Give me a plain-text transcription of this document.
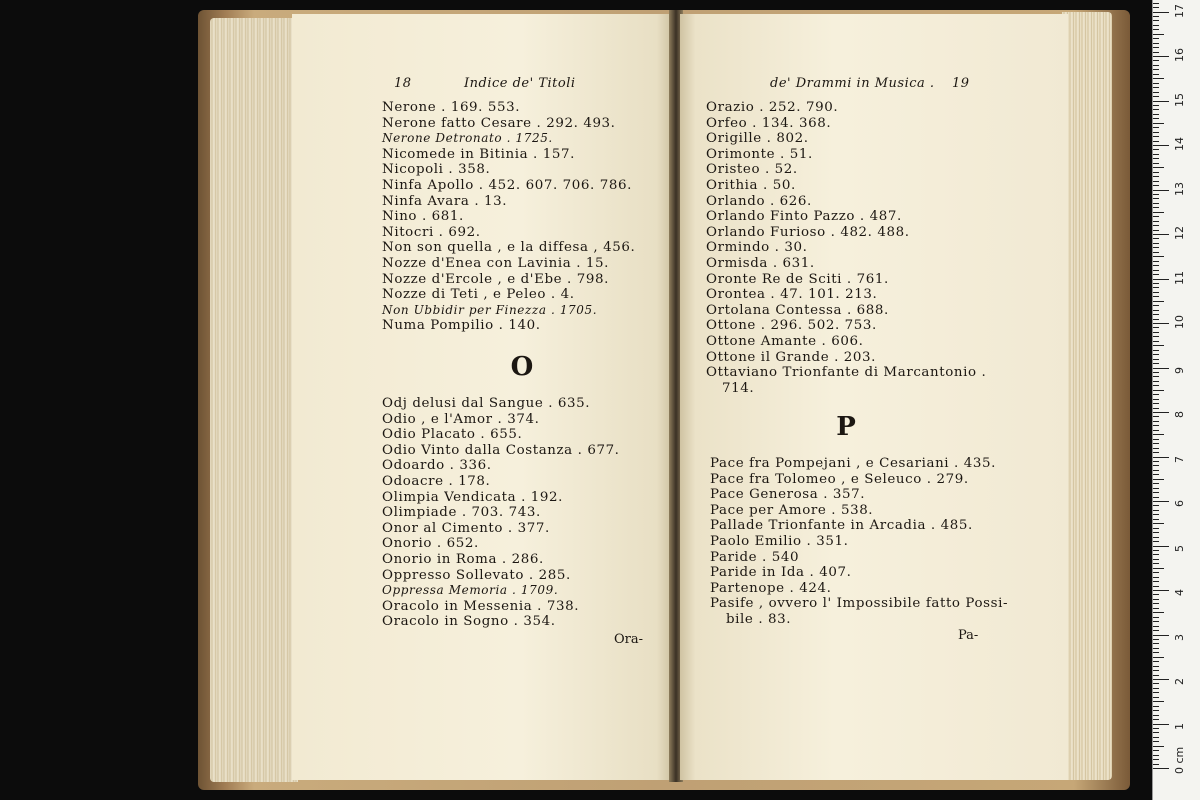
18	Indice de' Titoli
Nerone . 169. 553.
Nerone fatto Cesare . 292. 493.
Nerone Detronato . 1725.
Nicomede in Bitinia . 157.
Nicopoli . 358.
Ninfa Apollo . 452. 607. 706. 786.
Ninfa Avara . 13.
Nino . 681.
Nitocri . 692.
Non son quella , e la diffesa , 456.
Nozze d'Enea con Lavinia . 15.
Nozze d'Ercole , e d'Ebe . 798.
Nozze di Teti , e Peleo . 4.
Non Ubbidir per Finezza . 1705.
Numa Pompilio . 140.
O
Odj delusi dal Sangue . 635.
Odio , e l'Amor . 374.
Odio Placato . 655.
Odio Vinto dalla Costanza . 677.
Odoardo . 336.
Odoacre . 178.
Olimpia Vendicata . 192.
Olimpiade . 703. 743.
Onor al Cimento . 377.
Onorio . 652.
Onorio in Roma . 286.
Oppresso Sollevato . 285.
Oppressa Memoria . 1709.
Oracolo in Messenia . 738.
Oracolo in Sogno . 354.
Ora-
de' Drammi in Musica . 19
Orazio . 252. 790.
Orfeo . 134. 368.
Origille . 802.
Orimonte . 51.
Oristeo . 52.
Orithia . 50.
Orlando . 626.
Orlando Finto Pazzo . 487.
Orlando Furioso . 482. 488.
Ormindo . 30.
Ormisda . 631.
Oronte Re de Sciti . 761.
Orontea . 47. 101. 213.
Ortolana Contessa . 688.
Ottone . 296. 502. 753.
Ottone Amante . 606.
Ottone il Grande . 203.
Ottaviano Trionfante di Marcantonio .
714.
P
Pace fra Pompejani , e Cesariani . 435.
Pace fra Tolomeo , e Seleuco . 279.
Pace Generosa . 357.
Pace per Amore . 538.
Pallade Trionfante in Arcadia . 485.
Paolo Emilio . 351.
Paride . 540
Paride in Ida . 407.
Partenope . 424.
Pasife , ovvero l' Impossibile fatto Possi-
bile . 83.
Pa-
0 cm
1
2
3
4
5
6
7
8
9
10
11
12
13
14
15
16
17
